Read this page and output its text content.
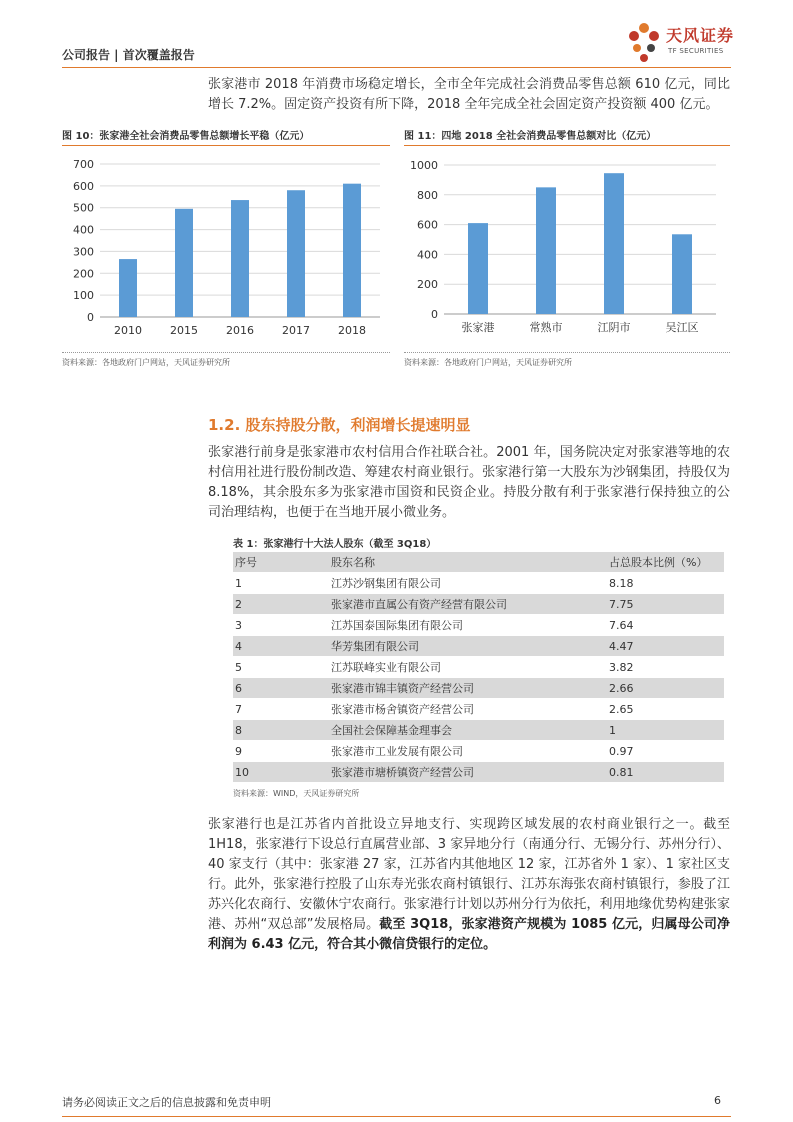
公司报告 | 首次覆盖报告
天风证券
TF SECURITIES

张家港市 2018 年消费市场稳定增长，全市全年完成社会消费品零售总额 610 亿元，同比增长 7.2%。固定资产投资有所下降，2018 全年完成全社会固定资产投资额 400 亿元。

图 10：张家港全社会消费品零售总额增长平稳（亿元）
0
100
200
300
400
500
600
700
2010	2015	2016	2017	2018
资料来源：各地政府门户网站，天风证券研究所
图 11：四地 2018 全社会消费品零售总额对比（亿元）
0
200
400
600
800
1000
张家港	常熟市	江阴市	吴江区
资料来源：各地政府门户网站，天风证券研究所
1.2. 股东持股分散，利润增长提速明显

张家港行前身是张家港市农村信用合作社联合社。2001 年，国务院决定对张家港等地的农村信用社进行股份制改造、筹建农村商业银行。张家港行第一大股东为沙钢集团，持股仅为 8.18%，其余股东多为张家港市国资和民资企业。持股分散有利于张家港行保持独立的公司治理结构，也便于在当地开展小微业务。

表 1：张家港行十大法人股东（截至 3Q18）
序号	股东名称	占总股本比例（%）
1	江苏沙钢集团有限公司	8.18
2	张家港市直属公有资产经营有限公司	7.75
3	江苏国泰国际集团有限公司	7.64
4	华芳集团有限公司	4.47
5	江苏联峰实业有限公司	3.82
6	张家港市锦丰镇资产经营公司	2.66
7	张家港市杨舍镇资产经营公司	2.65
8	全国社会保障基金理事会	1
9	张家港市工业发展有限公司	0.97
10	张家港市塘桥镇资产经营公司	0.81
资料来源：WIND，天风证券研究所

张家港行也是江苏省内首批设立异地支行、实现跨区域发展的农村商业银行之一。截至 1H18，张家港行下设总行直属营业部、3 家异地分行（南通分行、无锡分行、苏州分行）、40 家支行（其中：张家港 27 家，江苏省内其他地区 12 家，江苏省外 1 家）、1 家社区支行。此外，张家港行控股了山东寿光张农商村镇银行、江苏东海张农商村镇银行，参股了江苏兴化农商行、安徽休宁农商行。张家港行计划以苏州分行为依托，利用地缘优势构建张家港、苏州“双总部”发展格局。截至 3Q18，张家港资产规模为 1085 亿元，归属母公司净利润为 6.43 亿元，符合其小微信贷银行的定位。

请务必阅读正文之后的信息披露和免责申明	6
